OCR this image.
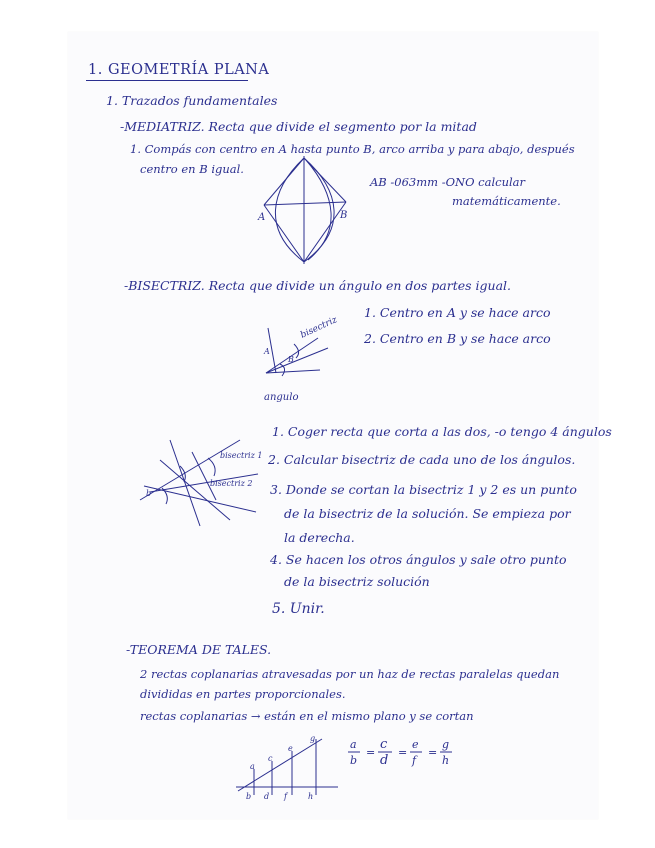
1. GEOMETRÍA PLANA
1. Trazados fundamentales
-MEDIATRIZ. Recta que divide el segmento por la mitad
1. Compás con centro en A hasta punto B, arco arriba y para abajo, después
centro en B igual.
AB -063mm -ONO calcular
matemáticamente.
A	B
-BISECTRIZ. Recta que divide un ángulo en dos partes igual.
1. Centro en A y se hace arco
2. Centro en B y se hace arco
bisectriz
A
B
angulo
1. Coger recta que corta a las dos, -o tengo 4 ángulos
2. Calcular bisectriz de cada uno de los ángulos.
3. Donde se cortan la bisectriz 1 y 2 es un punto
de la bisectriz de la solución. Se empieza por
la derecha.
4. Se hacen los otros ángulos y sale otro punto
de la bisectriz solución
5. Unir.
bisectriz 1
bisectriz 2
b
-TEOREMA DE TALES.
2 rectas coplanarias atravesadas por un haz de rectas paralelas quedan
divididas en partes proporcionales.
rectas coplanarias → están en el mismo plano y se cortan
a
c
e
g
b d f	h
a
b
=
c
d
=
e
f
=
g
h
